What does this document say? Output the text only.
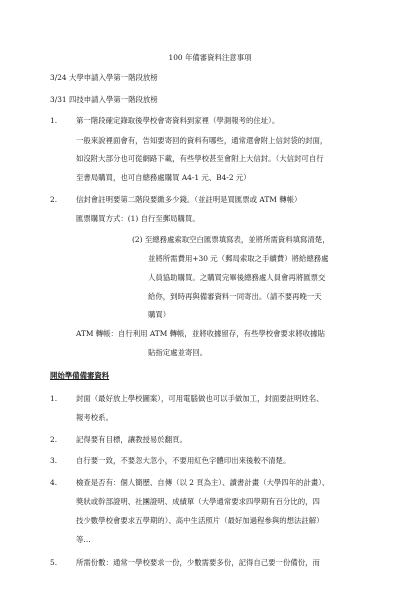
100 年備審資料注意事項
3/24 大學申請入學第一階段放榜
3/31 四技申請入學第一階段放榜
1.	第一階段確定錄取後學校會寄資料到家裡（學測報考的住址）。
一般來說裡面會有，告知要寄回的資料有哪些，通常還會附上信封袋的封面，
如沒附大部分也可從網路下載，有些學校甚至會附上大信封。（大信封可自行
至書局購買，也可自總務處購買 A4-1 元、B4-2 元）
2.	信封會註明要第二階段要繳多少錢。（並註明是買匯票或 ATM 轉帳）
匯票購買方式：(1) 自行至郵局購買。
(2) 至總務處索取空白匯票填寫表，並將所需資料填寫清楚，
並將所需費用+30 元（郵局索取之手續費）將給總務處
人員協助購買。之購買完畢後總務處人員會再將匯票交
給你，到時再與備審資料一同寄出。（請不要再晚一天
購買）
ATM 轉帳：自行利用 ATM 轉帳，並將收據留存，有些學校會要求將收據貼
貼指定處並寄回。
開始準備備審資料
1.	封面（最好放上學校圖案），可用電腦做也可以手做加工，封面要註明姓名、
報考校系。
2.	記得要有目標，讓教授易於翻頁。
3.	自行要一致，不要忽大忽小，不要用紅色字體印出來後較不清楚。
4.	檢查是否有：個人簡歷、自傳（以 2 頁為主）、讀書計畫（大學四年的計畫）、
獎狀或幹部證明、社團證明、成績單（大學通常要求四學期有百分比的，四
技少數學校會要求五學期的）、高中生活照片（最好加過程參與的想法註解）
等…
5.	所需份數：通常一學校要求一份，少數需要多份，記得自己要一份備份，而
